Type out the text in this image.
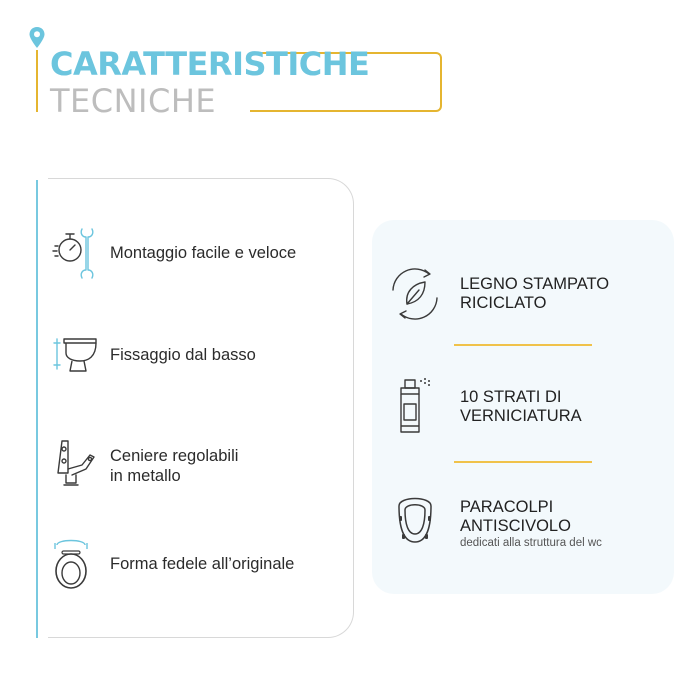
CARATTERISTICHE
TECNICHE
Montaggio facile e veloce
Fissaggio dal basso
Ceniere regolabili
in metallo
Forma fedele all’originale
LEGNO STAMPATO
RICICLATO
10 STRATI DI
VERNICIATURA
PARACOLPI
ANTISCIVOLO
dedicati alla struttura del wc
